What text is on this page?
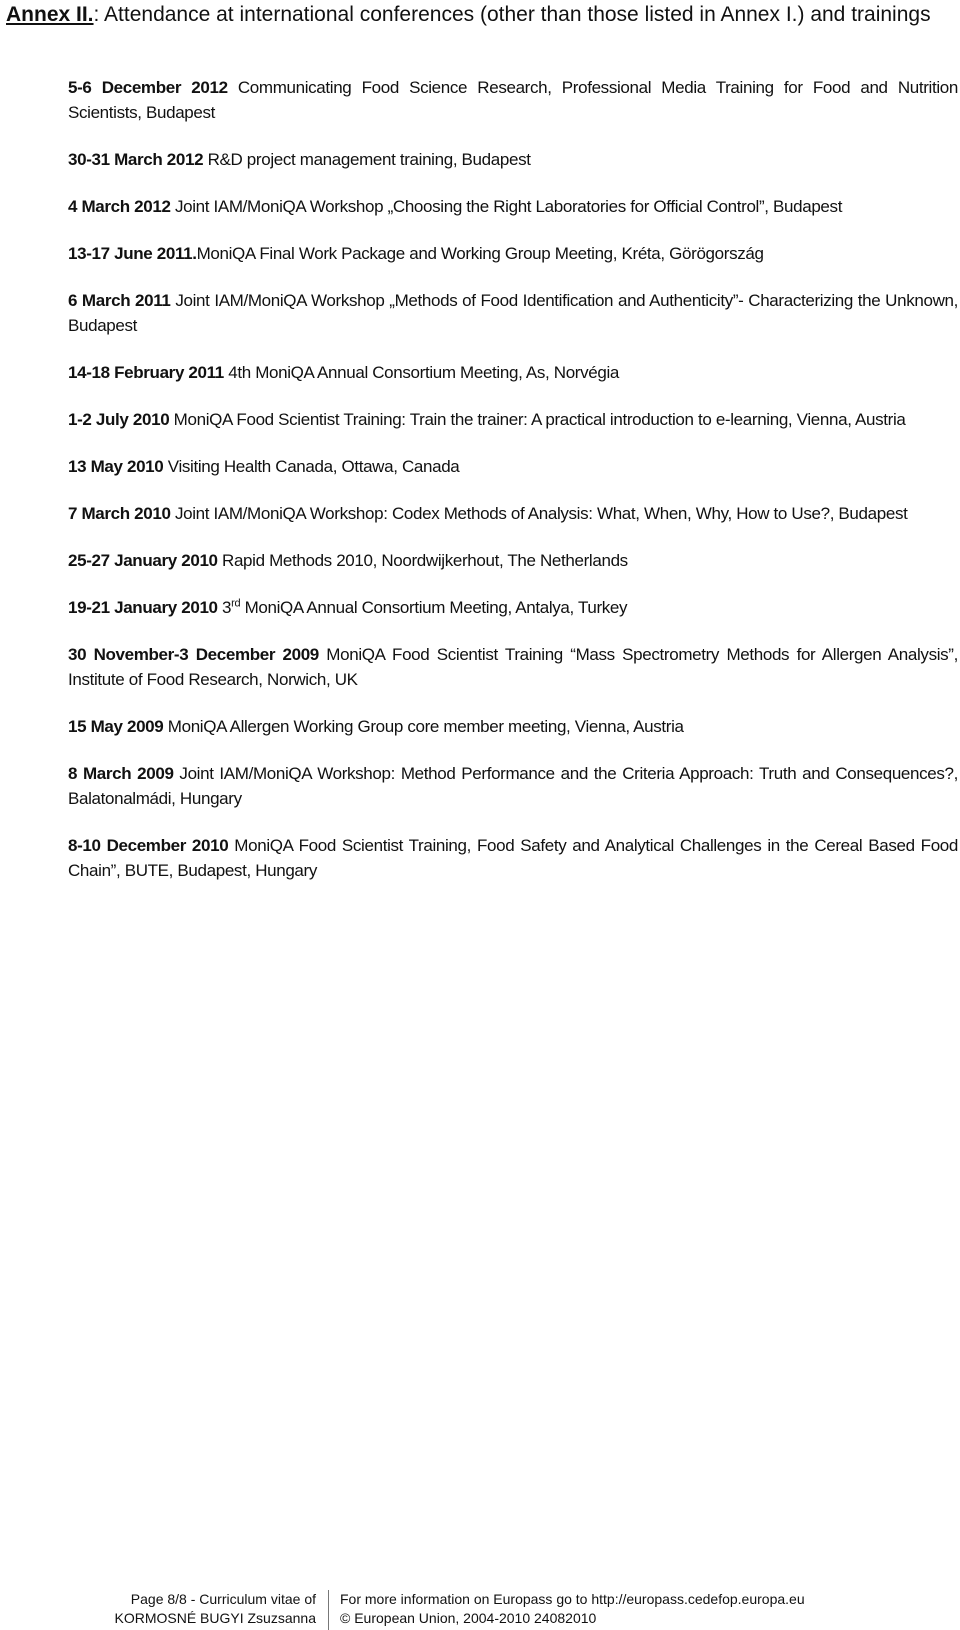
Annex II.: Attendance at international conferences (other than those listed in Annex I.) and trainings

5-6 December 2012 Communicating Food Science Research, Professional Media Training for Food and Nutrition Scientists, Budapest

30-31 March 2012 R&D project management training, Budapest

4 March 2012 Joint IAM/MoniQA Workshop „Choosing the Right Laboratories for Official Control”, Budapest

13-17 June 2011.MoniQA Final Work Package and Working Group Meeting, Kréta, Görögország

6 March 2011 Joint IAM/MoniQA Workshop „Methods of Food Identification and Authenticity”- Characterizing the Unknown, Budapest

14-18 February 2011 4th MoniQA Annual Consortium Meeting, As, Norvégia

1-2 July 2010 MoniQA Food Scientist Training: Train the trainer: A practical introduction to e-learning, Vienna, Austria

13 May 2010 Visiting Health Canada, Ottawa, Canada

7 March 2010 Joint IAM/MoniQA Workshop: Codex Methods of Analysis: What, When, Why, How to Use?, Budapest

25-27 January 2010 Rapid Methods 2010, Noordwijkerhout, The Netherlands

19-21 January 2010 3rd MoniQA Annual Consortium Meeting, Antalya, Turkey

30 November-3 December 2009 MoniQA Food Scientist Training “Mass Spectrometry Methods for Allergen Analysis”, Institute of Food Research, Norwich, UK

15 May 2009 MoniQA Allergen Working Group core member meeting, Vienna, Austria

8 March 2009 Joint IAM/MoniQA Workshop: Method Performance and the Criteria Approach: Truth and Consequences?, Balatonalmádi, Hungary

8-10 December 2010 MoniQA Food Scientist Training, Food Safety and Analytical Challenges in the Cereal Based Food Chain”, BUTE, Budapest, Hungary

Page 8/8 - Curriculum vitae of
KORMOSNÉ BUGYI Zsuzsanna
For more information on Europass go to http://europass.cedefop.europa.eu
© European Union, 2004-2010 24082010
